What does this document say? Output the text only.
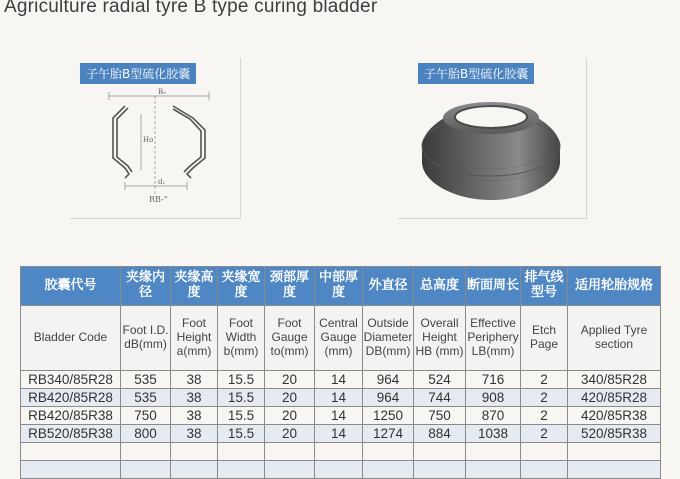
Agriculture radial tyre B type curing bladder
子午胎B型硫化胶囊
B₀
Ho
d₁
RB-"
子午胎B型硫化胶囊
胶囊代号	夹缘内径	夹缘高度	夹缘宽度	颈部厚度	中部厚度	外直径	总高度	断面周长	排气线型号	适用轮胎规格
Bladder Code	Foot I.D. dB(mm)	Foot Height a(mm)	Foot Width b(mm)	Foot Gauge to(mm)	Central Gauge (mm)	Outside Diameter DB(mm)	Overall Height HB (mm)	Effective Periphery LB(mm)	Etch Page	Applied Tyre section
RB340/85R28	535	38	15.5	20	14	964	524	716	2	340/85R28
RB420/85R28	535	38	15.5	20	14	964	744	908	2	420/85R28
RB420/85R38	750	38	15.5	20	14	1250	750	870	2	420/85R38
RB520/85R38	800	38	15.5	20	14	1274	884	1038	2	520/85R38
